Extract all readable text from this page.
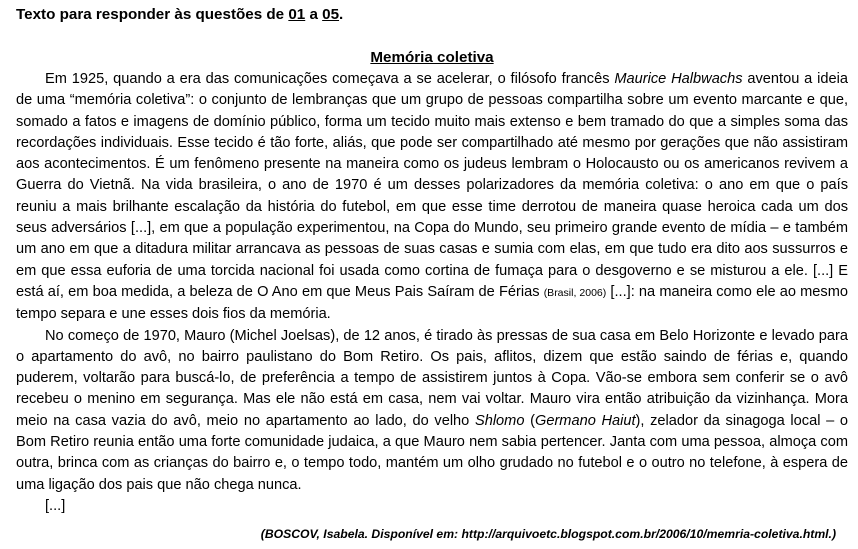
Texto para responder às questões de 01 a 05.
Memória coletiva

Em 1925, quando a era das comunicações começava a se acelerar, o filósofo francês Maurice Halbwachs aventou a ideia de uma “memória coletiva”: o conjunto de lembranças que um grupo de pessoas compartilha sobre um evento marcante e que, somado a fatos e imagens de domínio público, forma um tecido muito mais extenso e bem tramado do que a simples soma das recordações individuais. Esse tecido é tão forte, aliás, que pode ser compartilhado até mesmo por gerações que não assistiram aos acontecimentos. É um fenômeno presente na maneira como os judeus lembram o Holocausto ou os americanos revivem a Guerra do Vietnã. Na vida brasileira, o ano de 1970 é um desses polarizadores da memória coletiva: o ano em que o país reuniu a mais brilhante escalação da história do futebol, em que esse time derrotou de maneira quase heroica cada um dos seus adversários [...], em que a população experimentou, na Copa do Mundo, seu primeiro grande evento de mídia – e também um ano em que a ditadura militar arrancava as pessoas de suas casas e sumia com elas, em que tudo era dito aos sussurros e em que essa euforia de uma torcida nacional foi usada como cortina de fumaça para o desgoverno e se misturou a ele. [...] E está aí, em boa medida, a beleza de O Ano em que Meus Pais Saíram de Férias (Brasil, 2006) [...]: na maneira como ele ao mesmo tempo separa e une esses dois fios da memória.

No começo de 1970, Mauro (Michel Joelsas), de 12 anos, é tirado às pressas de sua casa em Belo Horizonte e levado para o apartamento do avô, no bairro paulistano do Bom Retiro. Os pais, aflitos, dizem que estão saindo de férias e, quando puderem, voltarão para buscá-lo, de preferência a tempo de assistirem juntos à Copa. Vão-se embora sem conferir se o avô recebeu o menino em segurança. Mas ele não está em casa, nem vai voltar. Mauro vira então atribuição da vizinhança. Mora meio na casa vazia do avô, meio no apartamento ao lado, do velho Shlomo (Germano Haiut), zelador da sinagoga local – o Bom Retiro reunia então uma forte comunidade judaica, a que Mauro nem sabia pertencer. Janta com uma pessoa, almoça com outra, brinca com as crianças do bairro e, o tempo todo, mantém um olho grudado no futebol e o outro no telefone, à espera de uma ligação dos pais que não chega nunca.

[...]

(BOSCOV, Isabela. Disponível em: http://arquivoetc.blogspot.com.br/2006/10/memria-coletiva.html.)
